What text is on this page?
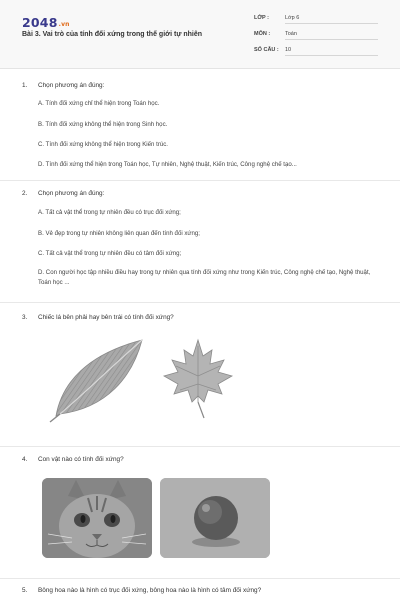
2048.vn
Bài 3. Vai trò của tính đối xứng trong thế giới tự nhiên
LỚP :	Lớp 6
MÔN :	Toán
SỐ CÂU : 10
1. Chọn phương án đúng:
A. Tính đối xứng chỉ thể hiện trong Toán học.
B. Tính đối xứng không thể hiện trong Sinh học.
C. Tính đối xứng không thể hiện trong Kiến trúc.
D. Tính đối xứng thể hiện trong Toán học, Tự nhiên, Nghệ thuật, Kiến trúc, Công nghệ chế tạo...
2. Chọn phương án đúng:
A. Tất cả vật thể trong tự nhiên đều có trục đối xứng;
B. Vẻ đẹp trong tự nhiên không liên quan đến tính đối xứng;
C. Tất cả vật thể trong tự nhiên đều có tâm đối xứng;
D. Con người học tập nhiều điều hay trong tự nhiên qua tính đối xứng như trong Kiến trúc, Công nghệ chế tạo, Nghệ thuật, Toán học ...
3. Chiếc lá bên phải hay bên trái có tính đối xứng?
4. Con vật nào có tính đối xứng?
5. Bông hoa nào là hình có trục đối xứng, bông hoa nào là hình có tâm đối xứng?
